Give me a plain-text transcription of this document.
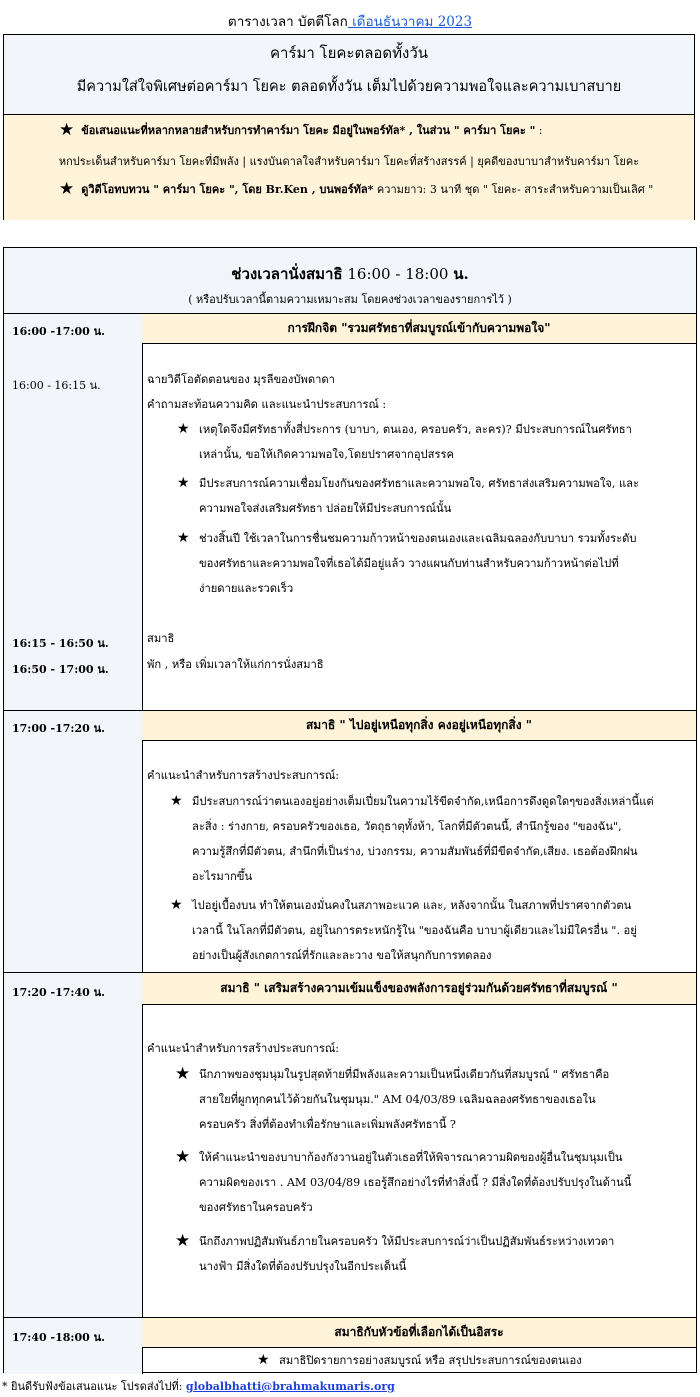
ตารางเวลา บัตตีโลก เดือนธันวาคม 2023
คาร์มา โยคะตลอดทั้งวัน
มีความใส่ใจพิเศษต่อคาร์มา โยคะ ตลอดทั้งวัน เต็มไปด้วยความพอใจและความเบาสบาย
★ ข้อเสนอแนะที่หลากหลายสำหรับการทำคาร์มา โยคะ มีอยู่ในพอร์ทัล* , ในส่วน " คาร์มา โยคะ " :
หกประเด็นสำหรับคาร์มา โยคะที่มีพลัง | แรงบันดาลใจสำหรับคาร์มา โยคะที่สร้างสรรค์ | ยุคดีของบาบาสำหรับคาร์มา โยคะ
★ ดูวิดีโอทบทวน " คาร์มา โยคะ ", โดย Br.Ken , บนพอร์ทัล* ความยาว: 3 นาที ชุด " โยคะ- สาระสำหรับความเป็นเลิศ "
ช่วงเวลานั่งสมาธิ 16:00 - 18:00 น.
( หรือปรับเวลานี้ตามความเหมาะสม โดยคงช่วงเวลาของรายการไว้ )
16:00 -17:00 น.	การฝึกจิต "รวมศรัทธาที่สมบูรณ์เข้ากับความพอใจ"
16:00 - 16:15 น.	ฉายวิดีโอตัดตอนของ มุรลีของบัพดาดา
คำถามสะท้อนความคิด และแนะนำประสบการณ์ :
★ เหตุใดจึงมีศรัทธาทั้งสี่ประการ (บาบา, ตนเอง, ครอบครัว, ละคร)? มีประสบการณ์ในศรัทธา
เหล่านั้น, ขอให้เกิดความพอใจ,โดยปราศจากอุปสรรค
★ มีประสบการณ์ความเชื่อมโยงกันของศรัทธาและความพอใจ, ศรัทธาส่งเสริมความพอใจ, และ
ความพอใจส่งเสริมศรัทธา ปล่อยให้มีประสบการณ์นั้น
★ ช่วงสิ้นปี ใช้เวลาในการชื่นชมความก้าวหน้าของตนเองและเฉลิมฉลองกับบาบา รวมทั้งระดับ
ของศรัทธาและความพอใจที่เธอได้มีอยู่แล้ว วางแผนกับท่านสำหรับความก้าวหน้าต่อไปที่
ง่ายดายและรวดเร็ว
16:15 - 16:50 น.	สมาธิ
16:50 - 17:00 น.	พัก , หรือ เพิ่มเวลาให้แก่การนั่งสมาธิ
17:00 -17:20 น.	สมาธิ " ไปอยู่เหนือทุกสิ่ง คงอยู่เหนือทุกสิ่ง "
คำแนะนำสำหรับการสร้างประสบการณ์:
★ มีประสบการณ์ว่าตนเองอยู่อย่างเต็มเปี่ยมในความไร้ขีดจำกัด,เหนือการดึงดูดใดๆของสิ่งเหล่านี้แต่
ละสิ่ง : ร่างกาย, ครอบครัวของเธอ, วัตถุธาตุทั้งห้า, โลกที่มีตัวตนนี้, สำนึกรู้ของ "ของฉัน",
ความรู้สึกที่มีตัวตน, สำนึกที่เป็นร่าง, บ่วงกรรม, ความสัมพันธ์ที่มีขีดจำกัด,เสียง. เธอต้องฝึกฝน
อะไรมากขึ้น
★ ไปอยู่เบื้องบน ทำให้ตนเองมั่นคงในสภาพอะแวค และ, หลังจากนั้น ในสภาพที่ปราศจากตัวตน
เวลานี้ ในโลกที่มีตัวตน, อยู่ในการตระหนักรู้ใน "ของฉันคือ บาบาผู้เดียวและไม่มีใครอื่น ". อยู่
อย่างเป็นผู้สังเกตการณ์ที่รักและละวาง ขอให้สนุกกับการทดลอง
17:20 -17:40 น.	สมาธิ " เสริมสร้างความเข้มแข็งของพลังการอยู่ร่วมกันด้วยศรัทธาที่สมบูรณ์ "
คำแนะนำสำหรับการสร้างประสบการณ์:
★ นึกภาพของชุมนุมในรูปสุดท้ายที่มีพลังและความเป็นหนึ่งเดียวกันที่สมบูรณ์ " ศรัทธาคือ
สายใยที่ผูกทุกคนไว้ด้วยกันในชุมนุม." AM 04/03/89 เฉลิมฉลองศรัทธาของเธอใน
ครอบครัว สิ่งที่ต้องทำเพื่อรักษาและเพิ่มพลังศรัทธานี้ ?
★ ให้คำแนะนำของบาบาก้องกังวานอยู่ในตัวเธอที่ให้พิจารณาความผิดของผู้อื่นในชุมนุมเป็น
ความผิดของเรา . AM 03/04/89 เธอรู้สึกอย่างไรที่ทำสิ่งนี้ ? มีสิ่งใดที่ต้องปรับปรุงในด้านนี้
ของศรัทธาในครอบครัว
★ นึกถึงภาพปฏิสัมพันธ์ภายในครอบครัว ให้มีประสบการณ์ว่าเป็นปฏิสัมพันธ์ระหว่างเทวดา
นางฟ้า มีสิ่งใดที่ต้องปรับปรุงในอีกประเด็นนี้
17:40 -18:00 น.	สมาธิกับหัวข้อที่เลือกได้เป็นอิสระ
★ สมาธิปิดรายการอย่างสมบูรณ์ หรือ สรุปประสบการณ์ของตนเอง
* ยินดีรับฟังข้อเสนอแนะ โปรดส่งไปที่: globalbhatti@brahmakumaris.org
